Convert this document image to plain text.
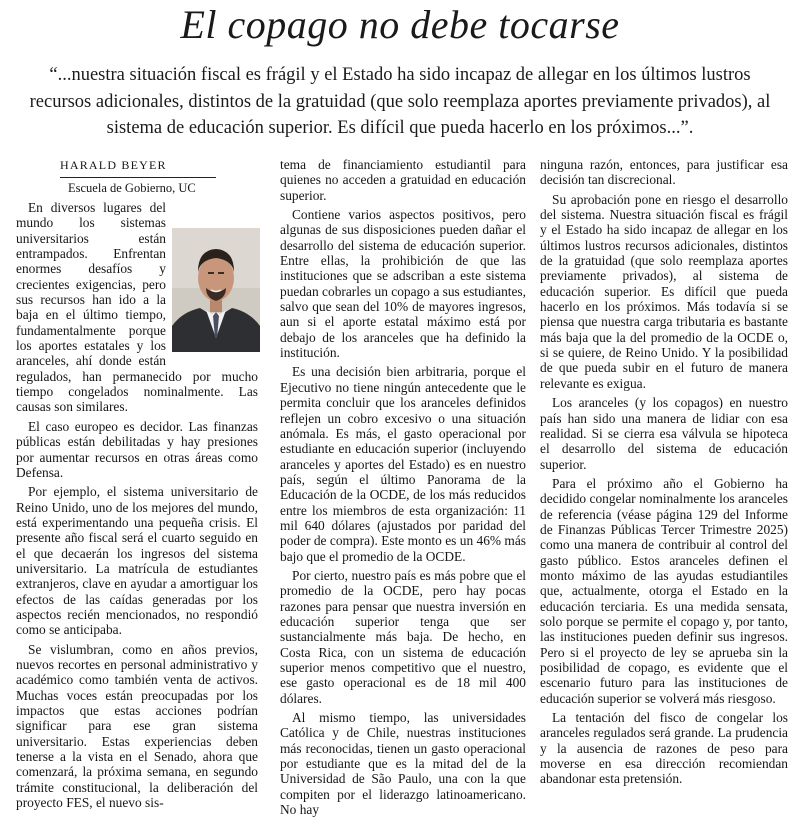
El copago no debe tocarse
“...nuestra situación fiscal es frágil y el Estado ha sido incapaz de allegar en los últimos lustros recursos adicionales, distintos de la gratuidad (que solo reemplaza aportes previamente privados), al sistema de educación superior. Es difícil que pueda hacerlo en los próximos...”.
HARALD BEYER
Escuela de Gobierno, UC

En diversos lugares del mundo los sistemas universitarios están entrampados. Enfrentan enormes desafíos y crecientes exigencias, pero sus recursos han ido a la baja en el último tiempo, fundamentalmente porque los aportes estatales y los aranceles, ahí donde están regulados, han permanecido por mucho tiempo congelados nominalmente. Las causas son similares.

El caso europeo es decidor. Las finanzas públicas están debilitadas y hay presiones por aumentar recursos en otras áreas como Defensa.

Por ejemplo, el sistema universitario de Reino Unido, uno de los mejores del mundo, está experimentando una pequeña crisis. El presente año fiscal será el cuarto seguido en el que decaerán los ingresos del sistema universitario. La matrícula de estudiantes extranjeros, clave en ayudar a amortiguar los efectos de las caídas generadas por los aspectos recién mencionados, no respondió como se anticipaba.

Se vislumbran, como en años previos, nuevos recortes en personal administrativo y académico como también venta de activos. Muchas voces están preocupadas por los impactos que estas acciones podrían significar para ese gran sistema universitario. Estas experiencias deben tenerse a la vista en el Senado, ahora que comenzará, la próxima semana, en segundo trámite constitucional, la deliberación del proyecto FES, el nuevo sis-

tema de financiamiento estudiantil para quienes no acceden a gratuidad en educación superior.

Contiene varios aspectos positivos, pero algunas de sus disposiciones pueden dañar el desarrollo del sistema de educación superior. Entre ellas, la prohibición de que las instituciones que se adscriban a este sistema puedan cobrarles un copago a sus estudiantes, salvo que sean del 10% de mayores ingresos, aun si el aporte estatal máximo está por debajo de los aranceles que ha definido la institución.

Es una decisión bien arbitraria, porque el Ejecutivo no tiene ningún antecedente que le permita concluir que los aranceles definidos reflejen un cobro excesivo o una situación anómala. Es más, el gasto operacional por estudiante en educación superior (incluyendo aranceles y aportes del Estado) es en nuestro país, según el último Panorama de la Educación de la OCDE, de los más reducidos entre los miembros de esta organización: 11 mil 640 dólares (ajustados por paridad del poder de compra). Este monto es un 46% más bajo que el promedio de la OCDE.

Por cierto, nuestro país es más pobre que el promedio de la OCDE, pero hay pocas razones para pensar que nuestra inversión en educación superior tenga que ser sustancialmente más baja. De hecho, en Costa Rica, con un sistema de educación superior menos competitivo que el nuestro, ese gasto operacional es de 18 mil 400 dólares.

Al mismo tiempo, las universidades Católica y de Chile, nuestras instituciones más reconocidas, tienen un gasto operacional por estudiante que es la mitad del de la Universidad de São Paulo, una con la que compiten por el liderazgo latinoamericano. No hay

ninguna razón, entonces, para justificar esa decisión tan discrecional.

Su aprobación pone en riesgo el desarrollo del sistema. Nuestra situación fiscal es frágil y el Estado ha sido incapaz de allegar en los últimos lustros recursos adicionales, distintos de la gratuidad (que solo reemplaza aportes previamente privados), al sistema de educación superior. Es difícil que pueda hacerlo en los próximos. Más todavía si se piensa que nuestra carga tributaria es bastante más baja que la del promedio de la OCDE o, si se quiere, de Reino Unido. Y la posibilidad de que pueda subir en el futuro de manera relevante es exigua.

Los aranceles (y los copagos) en nuestro país han sido una manera de lidiar con esa realidad. Si se cierra esa válvula se hipoteca el desarrollo del sistema de educación superior.

Para el próximo año el Gobierno ha decidido congelar nominalmente los aranceles de referencia (véase página 129 del Informe de Finanzas Públicas Tercer Trimestre 2025) como una manera de contribuir al control del gasto público. Estos aranceles definen el monto máximo de las ayudas estudiantiles que, actualmente, otorga el Estado en la educación terciaria. Es una medida sensata, solo porque se permite el copago y, por tanto, las instituciones pueden definir sus ingresos. Pero si el proyecto de ley se aprueba sin la posibilidad de copago, es evidente que el escenario futuro para las instituciones de educación superior se volverá más riesgoso.

La tentación del fisco de congelar los aranceles regulados será grande. La prudencia y la ausencia de razones de peso para moverse en esa dirección recomiendan abandonar esta pretensión.
